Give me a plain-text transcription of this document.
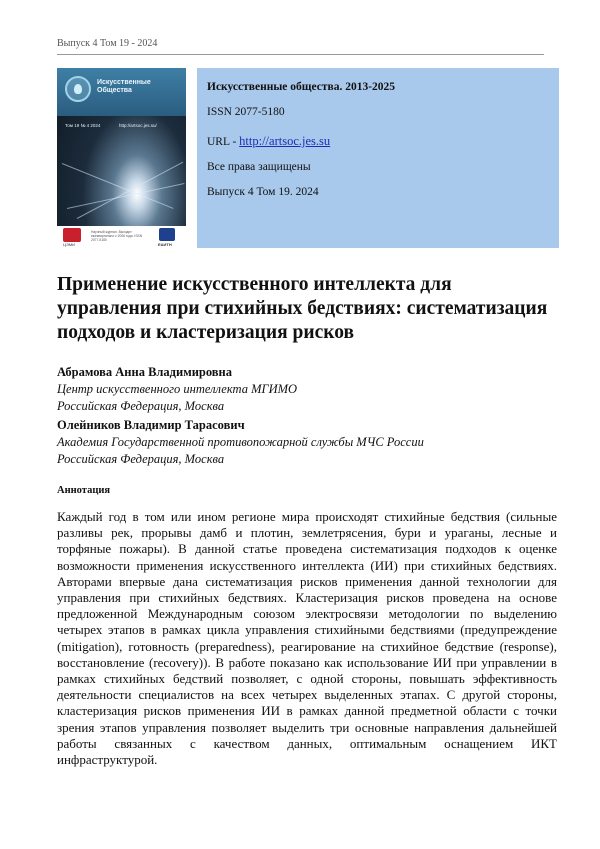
Выпуск 4 Том 19 - 2024
Искусственные Общества
Том 19 № 4 2024	http://artsoc.jes.su/
ЦЭМИ
Научный журнал. Выходит ежеквартально с 2006 года. ISSN 2077-5180
ЕАИТН
Искусственные общества. 2013-2025
ISSN 2077-5180
URL - http://artsoc.jes.su
Все права защищены
Выпуск 4 Том 19. 2024
Применение искусственного интеллекта для управления при стихийных бедствиях: систематизация подходов и кластеризация рисков
Абрамова Анна Владимировна
Центр искусственного интеллекта МГИМО
Российская Федерация, Москва
Олейников Владимир Тарасович
Академия Государственной противопожарной службы МЧС России
Российская Федерация, Москва
Аннотация

Каждый год в том или ином регионе мира происходят стихийные бедствия (сильные разливы рек, прорывы дамб и плотин, землетрясения, бури и ураганы, лесные и торфяные пожары). В данной статье проведена систематизация подходов к оценке возможности применения искусственного интеллекта (ИИ) при стихийных бедствиях. Авторами впервые дана систематизация рисков применения данной технологии для управления при стихийных бедствиях. Кластеризация рисков проведена на основе предложенной Международным союзом электросвязи методологии по выделению четырех этапов в рамках цикла управления стихийными бедствиями (предупреждение (mitigation), готовность (preparedness), реагирование на стихийное бедствие (response), восстановление (recovery)). В работе показано как использование ИИ при управлении в рамках стихийных бедствий позволяет, с одной стороны, повышать эффективность деятельности специалистов на всех четырех выделенных этапах. С другой стороны, кластеризация рисков применения ИИ в рамках данной предметной области с точки зрения этапов управления позволяет выделить три основные направления дальнейшей работы связанных с качеством данных, оптимальным оснащением ИКТ инфраструктурой.
